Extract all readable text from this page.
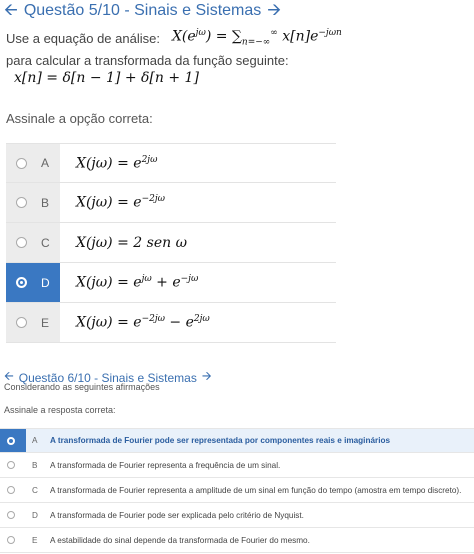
🡨 Questão 5/10 - Sinais e Sistemas 🡪
Use a equação de análise: $X(e^{j\omega}) = \sum_{n=-\infty}^\infty$ $x[n]e^{-j\omega n}$
para calcular a transformada da função seguinte:
x[n] = δ[n − 1] + δ[n + 1]
Assinale a opção correta:
A $X(j\omega) = e^{2j\omega}$
B $X(j\omega) = e^{-2j\omega}$
C X(jω) = 2 sen ω
D $X(j\omega) = e^{j\omega} + e^{-j\omega}$
E $X(j\omega) = e^{-2j\omega} - e^{2j\omega}$
🡨 Questão 6/10 - Sinais e Sistemas 🡪
Considerando as seguintes afirmações
Assinale a resposta correta:
A	A transformada de Fourier pode ser representada por componentes reais e imaginários
B	A transformada de Fourier representa a frequência de um sinal.
C	A transformada de Fourier representa a amplitude de um sinal em função do tempo (amostra em tempo discreto).
D	A transformada de Fourier pode ser explicada pelo critério de Nyquist.
E	A estabilidade do sinal depende da transformada de Fourier do mesmo.
